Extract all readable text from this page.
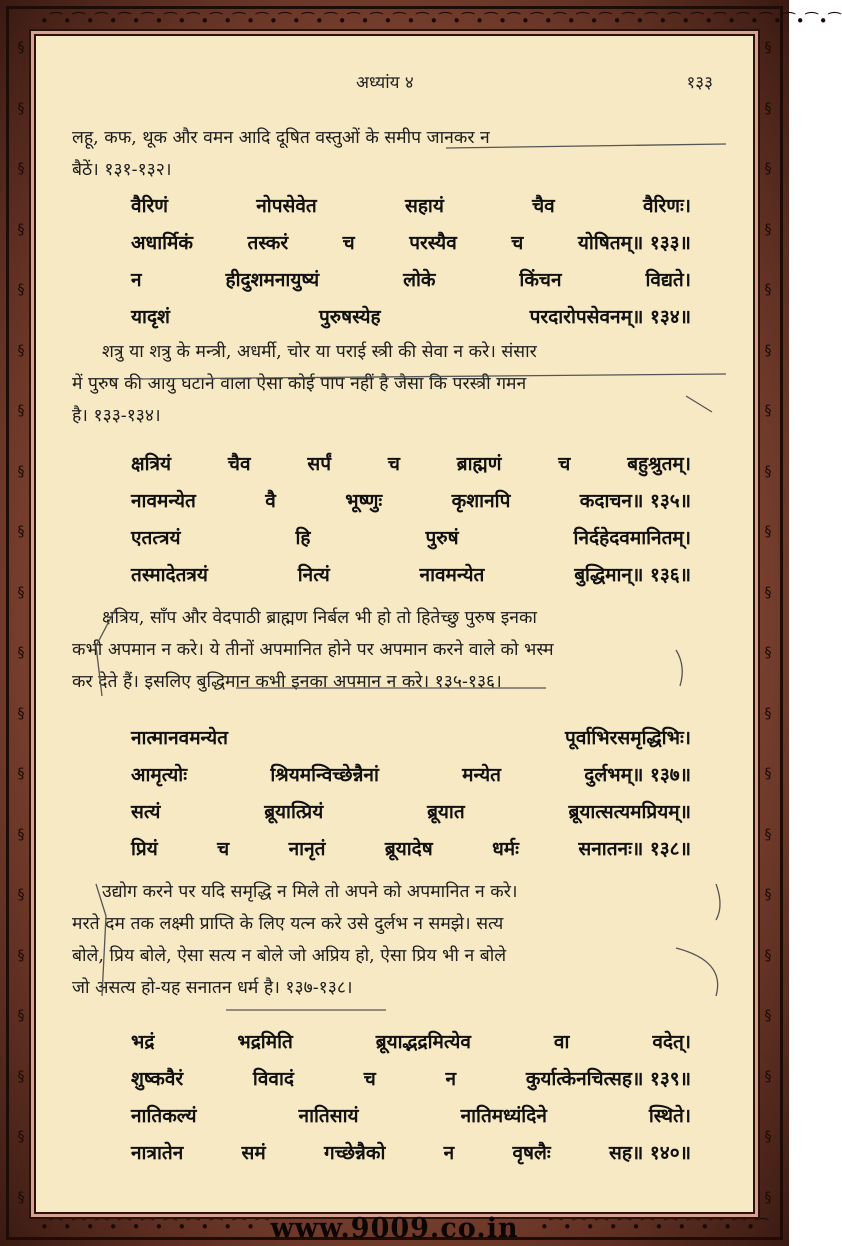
•⁀•⁀•⁀•⁀•⁀•⁀•⁀•⁀•⁀•⁀•⁀•⁀•⁀•⁀•⁀•⁀•⁀•⁀•⁀•⁀•⁀•⁀•⁀•⁀•⁀•⁀•⁀•⁀•⁀•⁀•⁀•⁀•⁀•⁀•⁀
•⁀•⁀•⁀•⁀•⁀•⁀•⁀•⁀•⁀•⁀	•⁀•⁀•⁀•⁀•⁀•⁀•⁀•⁀•⁀•⁀
§
§
§
§
§
§
§
§
§
§
§
§
§
§
§
§
§
§
§
§
§
§
§
§
§
§
§
§
§
§
§
§
§
§
§
§
§
§
§
§
अध्यांय ४	१३३
लहू, कफ, थूक और वमन आदि दूषित वस्तुओं के समीप जानकर न
बैठें। १३१-१३२।
वैरिणं	नोपसेवेत	सहायं	चैव	वैरिणः।
अधार्मिकं	तस्करं	च	परस्यैव	च	योषितम्॥ १३३॥
न	हीदुशमनायुष्यं	लोके	किंचन	विद्यते।
यादृशं	पुरुषस्येह	परदारोपसेवनम्॥ १३४॥
शत्रु या शत्रु के मन्त्री, अधर्मी, चोर या पराई स्त्री की सेवा न करे। संसार
में पुरुष की आयु घटाने वाला ऐसा कोई पाप नहीं है जैसा कि परस्त्री गमन
है। १३३-१३४।
क्षत्रियं	चैव	सर्पं	च	ब्राह्मणं	च	बहुश्रुतम्।
नावमन्येत	वै	भूष्णुः	कृशानपि	कदाचन॥ १३५॥
एतत्त्रयं	हि	पुरुषं	निर्दहेदवमानितम्।
तस्मादेतत्रयं	नित्यं	नावमन्येत	बुद्धिमान्॥ १३६॥
क्षत्रिय, साँप और वेदपाठी ब्राह्मण निर्बल भी हो तो हितेच्छु पुरुष इनका
कभी अपमान न करे। ये तीनों अपमानित होने पर अपमान करने वाले को भस्म
कर देते हैं। इसलिए बुद्धिमान कभी इनका अपमान न करे। १३५-१३६।
नात्मानवमन्येत	पूर्वाभिरसमृद्धिभिः।
आमृत्योः	श्रियमन्विच्छेन्नैनां	मन्येत	दुर्लभम्॥ १३७॥
सत्यं	ब्रूयात्प्रियं	ब्रूयात	ब्रूयात्सत्यमप्रियम्॥
प्रियं	च	नानृतं	ब्रूयादेष	धर्मः	सनातनः॥ १३८॥
उद्योग करने पर यदि समृद्धि न मिले तो अपने को अपमानित न करे।
मरते दम तक लक्ष्मी प्राप्ति के लिए यत्न करे उसे दुर्लभ न समझे। सत्य
बोले, प्रिय बोले, ऐसा सत्य न बोले जो अप्रिय हो, ऐसा प्रिय भी न बोले
जो असत्य हो-यह सनातन धर्म है। १३७-१३८।
भद्रं	भद्रमिति	ब्रूयाद्भद्रमित्येव	वा	वदेत्।
शुष्कवैरं	विवादं	च	न	कुर्यात्केनचित्सह॥ १३९॥
नातिकल्यं	नातिसायं	नातिमध्यंदिने	स्थिते।
नात्रातेन	समं	गच्छेन्नैको	न	वृषलैः	सह॥ १४०॥
www.9009.co.in
